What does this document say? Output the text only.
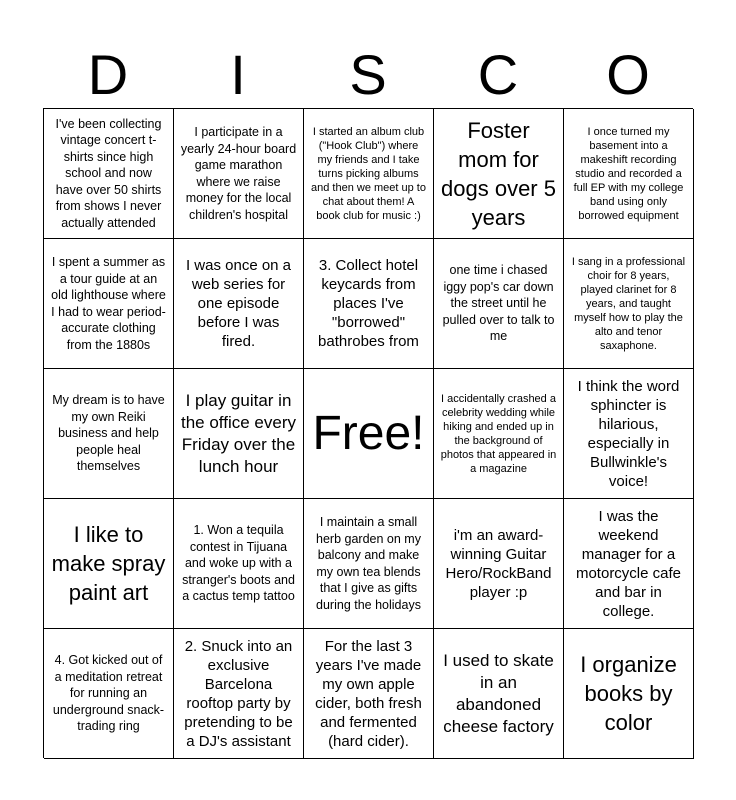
D	I	S	C	O
I've been collecting vintage concert t-shirts since high school and now have over 50 shirts from shows I never actually attended
I participate in a yearly 24-hour board game marathon where we raise money for the local children's hospital
I started an album club ("Hook Club") where my friends and I take turns picking albums and then we meet up to chat about them! A book club for music :)
Foster mom for dogs over 5 years
I once turned my basement into a makeshift recording studio and recorded a full EP with my college band using only borrowed equipment
I spent a summer as a tour guide at an old lighthouse where I had to wear period-accurate clothing from the 1880s
I was once on a web series for one episode before I was fired.
3. Collect hotel keycards from places I've "borrowed" bathrobes from
one time i chased iggy pop's car down the street until he pulled over to talk to me
I sang in a professional choir for 8 years, played clarinet for 8 years, and taught myself how to play the alto and tenor saxaphone.
My dream is to have my own Reiki business and help people heal themselves
I play guitar in the office every Friday over the lunch hour
Free!
I accidentally crashed a celebrity wedding while hiking and ended up in the background of photos that appeared in a magazine
I think the word sphincter is hilarious, especially in Bullwinkle's voice!
I like to make spray paint art
1. Won a tequila contest in Tijuana and woke up with a stranger's boots and a cactus temp tattoo
I maintain a small herb garden on my balcony and make my own tea blends that I give as gifts during the holidays
i'm an award-winning Guitar Hero/RockBand player :p
I was the weekend manager for a motorcycle cafe and bar in college.
4. Got kicked out of a meditation retreat for running an underground snack-trading ring
2. Snuck into an exclusive Barcelona rooftop party by pretending to be a DJ's assistant
For the last 3 years I've made my own apple cider, both fresh and fermented (hard cider).
I used to skate in an abandoned cheese factory
I organize books by color
